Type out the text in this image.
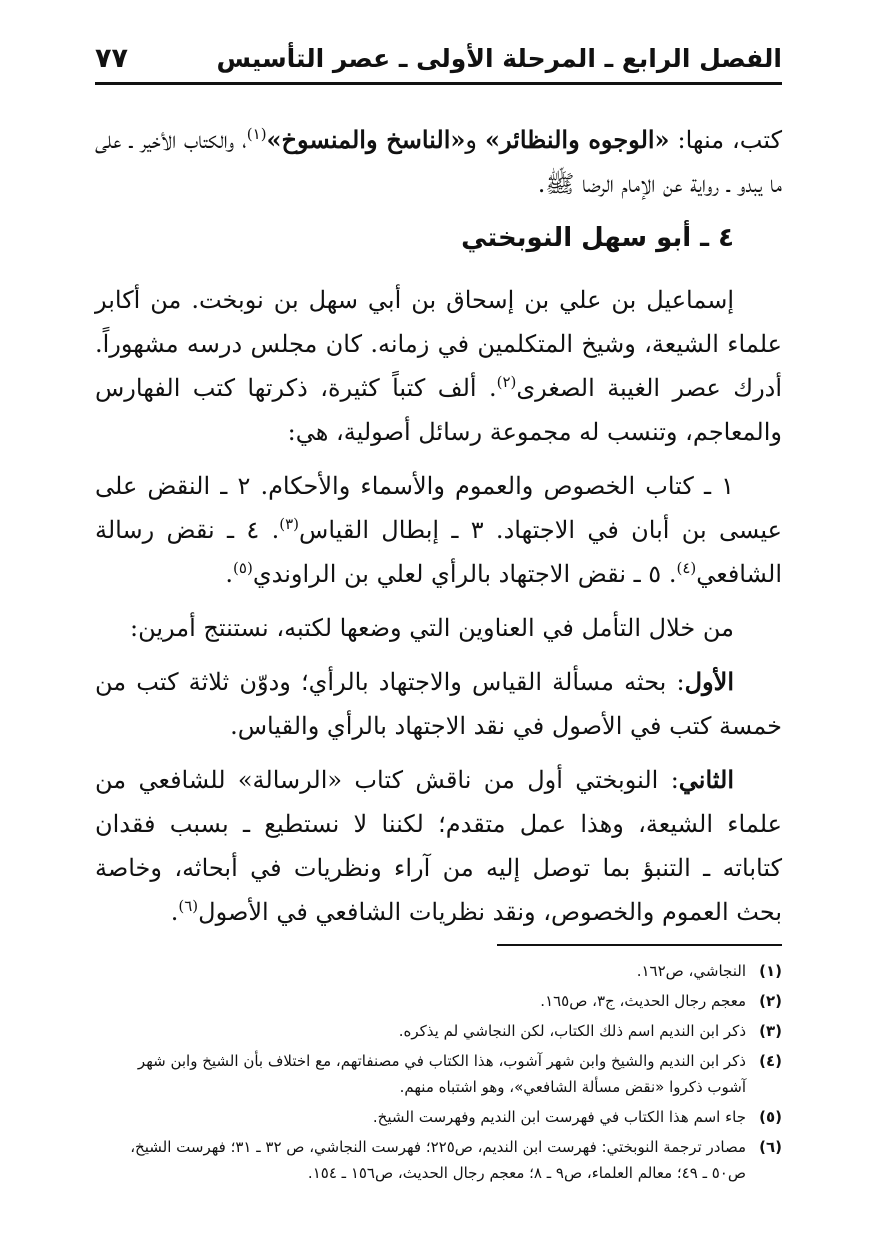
الفصل الرابع ـ المرحلة الأولى ـ عصر التأسيس
٧٧

كتب، منها: «الوجوه والنظائر» و«الناسخ والمنسوخ»$^{(١)}$، والكتاب الأخير ـ على ما يبدو ـ رواية عن الإمام الرضا ﷺ.

٤ ـ أبو سهل النوبختي

إسماعيل بن علي بن إسحاق بن أبي سهل بن نوبخت. من أكابر علماء الشيعة، وشيخ المتكلمين في زمانه. كان مجلس درسه مشهوراً. أدرك عصر الغيبة الصغرى$^{(٢)}$. ألف كتباً كثيرة، ذكرتها كتب الفهارس والمعاجم، وتنسب له مجموعة رسائل أصولية، هي:

١ ـ كتاب الخصوص والعموم والأسماء والأحكام. ٢ ـ النقض على عيسى بن أبان في الاجتهاد. ٣ ـ إبطال القياس$^{(٣)}$. ٤ ـ نقض رسالة الشافعي$^{(٤)}$. ٥ ـ نقض الاجتهاد بالرأي لعلي بن الراوندي$^{(٥)}$.

من خلال التأمل في العناوين التي وضعها لكتبه، نستنتج أمرين:

الأول: بحثه مسألة القياس والاجتهاد بالرأي؛ ودوّن ثلاثة كتب من خمسة كتب في الأصول في نقد الاجتهاد بالرأي والقياس.

الثاني: النوبختي أول من ناقش كتاب «الرسالة» للشافعي من علماء الشيعة، وهذا عمل متقدم؛ لكننا لا نستطيع ـ بسبب فقدان كتاباته ـ التنبؤ بما توصل إليه من آراء ونظريات في أبحاثه، وخاصة بحث العموم والخصوص، ونقد نظريات الشافعي في الأصول$^{(٦)}$.

(١)
النجاشي، ص١٦٢.
(٢)
معجم رجال الحديث، ج٣، ص١٦٥.
(٣)
ذكر ابن النديم اسم ذلك الكتاب، لكن النجاشي لم يذكره.
(٤)
ذكر ابن النديم والشيخ وابن شهر آشوب، هذا الكتاب في مصنفاتهم، مع اختلاف بأن الشيخ وابن شهر آشوب ذكروا «نقض مسألة الشافعي»، وهو اشتباه منهم.
(٥)
جاء اسم هذا الكتاب في فهرست ابن النديم وفهرست الشيخ.
(٦)
مصادر ترجمة النوبختي: فهرست ابن النديم، ص٢٢٥؛ فهرست النجاشي، ص ٣٢ ـ ٣١؛ فهرست الشيخ، ص٥٠ ـ ٤٩؛ معالم العلماء، ص٩ ـ ٨؛ معجم رجال الحديث، ص١٥٦ ـ ١٥٤.
